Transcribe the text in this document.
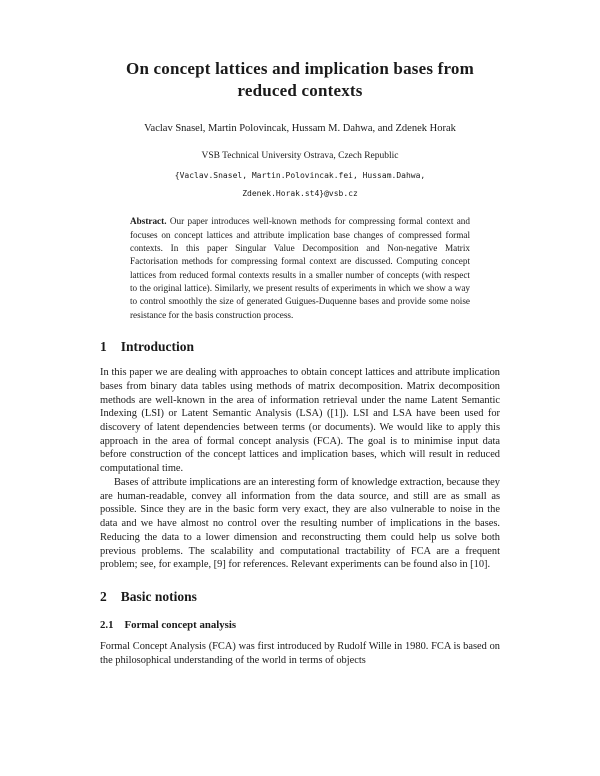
On concept lattices and implication bases from reduced contexts

Vaclav Snasel, Martin Polovincak, Hussam M. Dahwa, and Zdenek Horak

VSB Technical University Ostrava, Czech Republic

{Vaclav.Snasel, Martin.Polovincak.fei, Hussam.Dahwa,

Zdenek.Horak.st4}@vsb.cz

Abstract. Our paper introduces well-known methods for compressing formal context and focuses on concept lattices and attribute implication base changes of compressed formal contexts. In this paper Singular Value Decomposition and Non-negative Matrix Factorisation methods for compressing formal context are discussed. Computing concept lattices from reduced formal contexts results in a smaller number of concepts (with respect to the original lattice). Similarly, we present results of experiments in which we show a way to control smoothly the size of generated Guigues-Duquenne bases and provide some noise resistance for the basis construction process.

1 Introduction

In this paper we are dealing with approaches to obtain concept lattices and attribute implication bases from binary data tables using methods of matrix decomposition. Matrix decomposition methods are well-known in the area of information retrieval under the name Latent Semantic Indexing (LSI) or Latent Semantic Analysis (LSA) ([1]). LSI and LSA have been used for discovery of latent dependencies between terms (or documents). We would like to apply this approach in the area of formal concept analysis (FCA). The goal is to minimise input data before construction of the concept lattices and implication bases, which will result in reduced computational time.

Bases of attribute implications are an interesting form of knowledge extraction, because they are human-readable, convey all information from the data source, and still are as small as possible. Since they are in the basic form very exact, they are also vulnerable to noise in the data and we have almost no control over the resulting number of implications in the bases. Reducing the data to a lower dimension and reconstructing them could help us solve both previous problems. The scalability and computational tractability of FCA are a frequent problem; see, for example, [9] for references. Relevant experiments can be found also in [10].

2 Basic notions
2.1 Formal concept analysis

Formal Concept Analysis (FCA) was first introduced by Rudolf Wille in 1980. FCA is based on the philosophical understanding of the world in terms of objects
